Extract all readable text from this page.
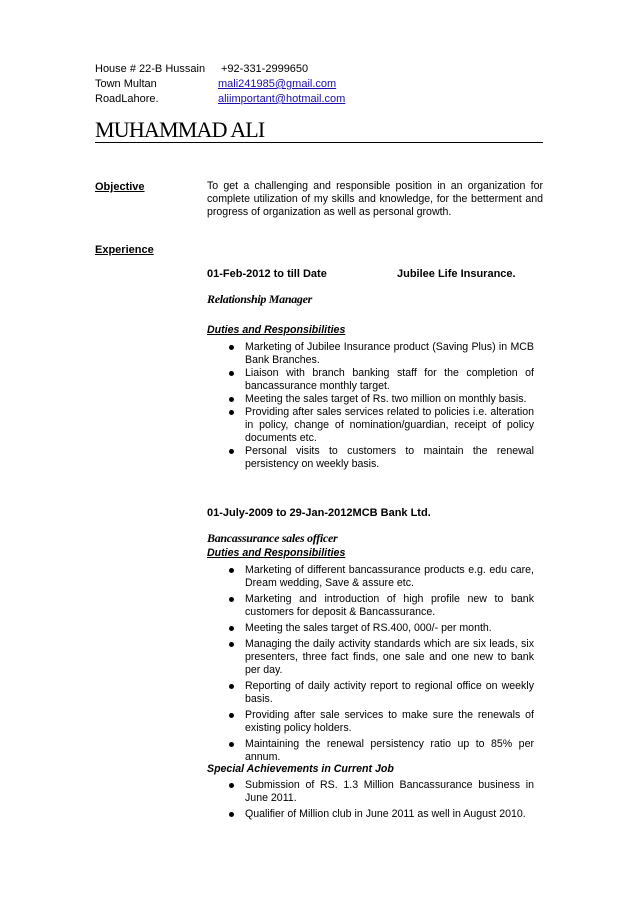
House # 22-B Hussain
Town Multan
RoadLahore.
+92-331-2999650
mali241985@gmail.com
aliimportant@hotmail.com
MUHAMMAD ALI
Objective	To get a challenging and responsible position in an organization for complete utilization of my skills and knowledge, for the betterment and progress of organization as well as personal growth.
Experience
01-Feb-2012 to till Date	Jubilee Life Insurance.
Relationship Manager
Duties and Responsibilities
Marketing of Jubilee Insurance product (Saving Plus) in MCB Bank Branches.
Liaison with branch banking staff for the completion of bancassurance monthly target.
Meeting the sales target of Rs. two million on monthly basis.
Providing after sales services related to policies i.e. alteration in policy, change of nomination/guardian, receipt of policy documents etc.
Personal visits to customers to maintain the renewal persistency on weekly basis.
01-July-2009 to 29-Jan-2012MCB Bank Ltd.
Bancassurance sales officer
Duties and Responsibilities
Marketing of different bancassurance products e.g. edu care, Dream wedding, Save & assure etc.
Marketing and introduction of high profile new to bank customers for deposit & Bancassurance.
Meeting the sales target of RS.400, 000/- per month.
Managing the daily activity standards which are six leads, six presenters, three fact finds, one sale and one new to bank per day.
Reporting of daily activity report to regional office on weekly basis.
Providing after sale services to make sure the renewals of existing policy holders.
Maintaining the renewal persistency ratio up to 85% per annum.
Special Achievements in Current Job
Submission of RS. 1.3 Million Bancassurance business in June 2011.
Qualifier of Million club in June 2011 as well in August 2010.
